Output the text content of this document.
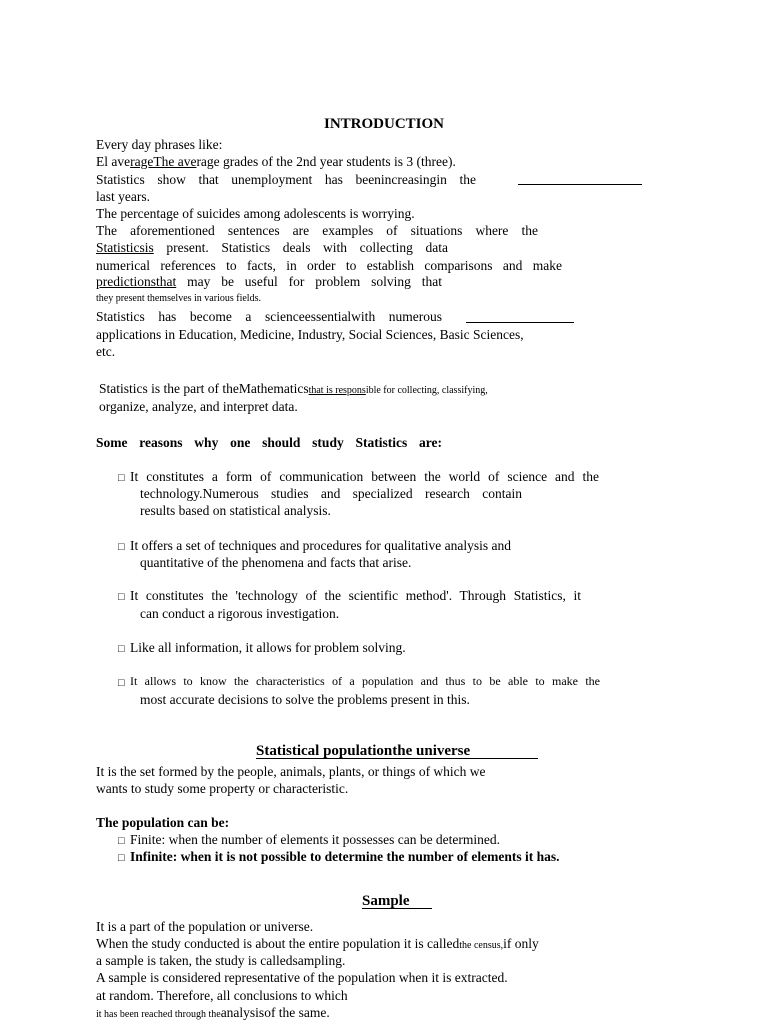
INTRODUCTION
Every day phrases like:
El averageThe average grades of the 2nd year students is 3 (three).
Statistics show that unemployment has beenincreasingin the
last years.
The percentage of suicides among adolescents is worrying.
The aforementioned sentences are examples of situations where the
Statisticsis present. Statistics deals with collecting data
numerical references to facts, in order to establish comparisons and make
predictionsthat may be useful for problem solving that
they present themselves in various fields.
Statistics has become a scienceessentialwith numerous
applications in Education, Medicine, Industry, Social Sciences, Basic Sciences,
etc.
Statistics is the part of theMathematicsthat is responsible for collecting, classifying,
organize, analyze, and interpret data.
Some reasons why one should study Statistics are:
□ It constitutes a form of communication between the world of science and the
technology.Numerous studies and specialized research contain
results based on statistical analysis.
□ It offers a set of techniques and procedures for qualitative analysis and
quantitative of the phenomena and facts that arise.
□ It constitutes the 'technology of the scientific method'. Through Statistics, it
can conduct a rigorous investigation.
□ Like all information, it allows for problem solving.
□ It allows to know the characteristics of a population and thus to be able to make the
most accurate decisions to solve the problems present in this.
Statistical populationthe universe
It is the set formed by the people, animals, plants, or things of which we
wants to study some property or characteristic.
The population can be:
□ Finite: when the number of elements it possesses can be determined.
□ Infinite: when it is not possible to determine the number of elements it has.
Sample
It is a part of the population or universe.
When the study conducted is about the entire population it is calledthe census,if only
a sample is taken, the study is calledsampling.
A sample is considered representative of the population when it is extracted.
at random. Therefore, all conclusions to which
it has been reached through theanalysisof the same.
